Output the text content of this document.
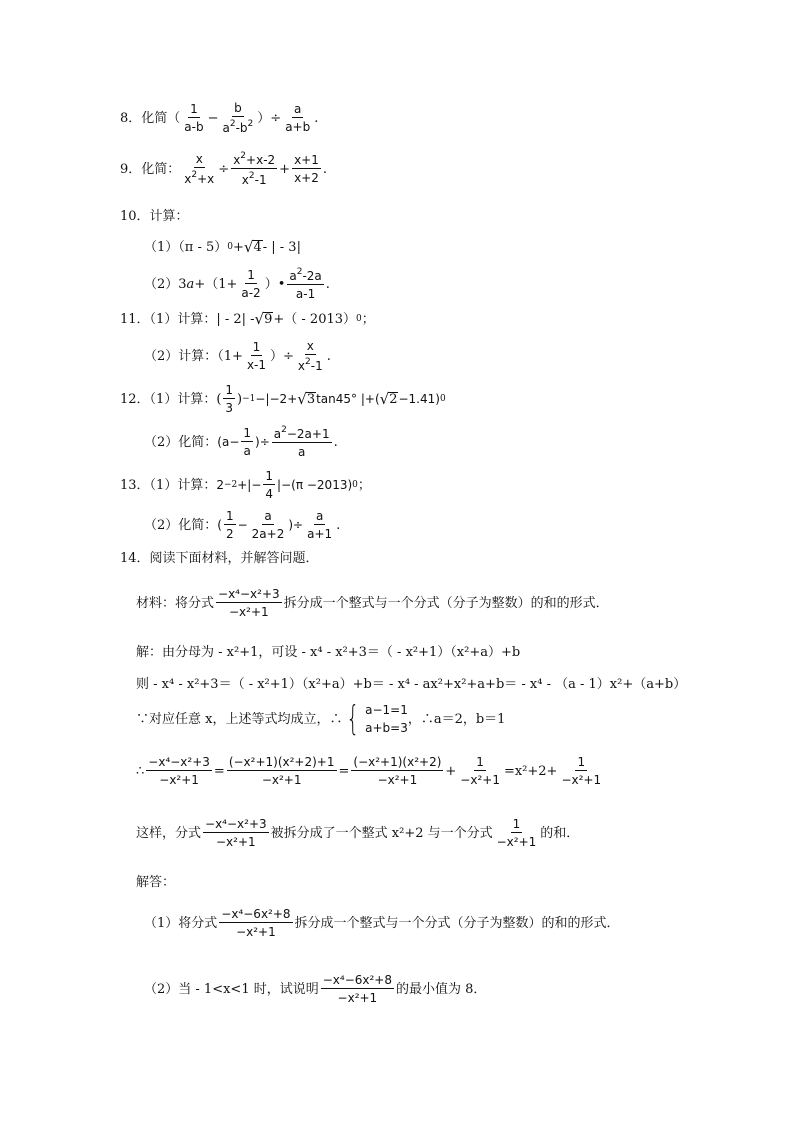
8．化简（
1
a-b
− $\frac{b}{a^2-b^2}$ ）÷ $\frac{a}{a+b}$ .
9．化简： $\frac{x}{x^2+x} \div \frac{x^2+x-2}{x^2-1} + \frac{x+1}{x+2}$ .
10．计算：
（1）（π - 5） 0 + √ 4 - | - 3|
（2）3 $a +(1+ \frac{1}{a-2}$ ）•
$a^2-2a$
a-1
.
11．（1）计算：| - 2| - √ 9 +（ - 2013） 0 ；
（2）计算：（$1+ \frac{1}{x-1}$ ）÷ $\frac{x}{x^2-1}$ .
12．（1）计算： (
1
3
) −1 −|−2+ √ 3 tan45° |+( √ 2 −1.41) 0
（2）化简： ($a- \frac{1}{a}$ )÷ $\frac{a^2-2a+1}{a}$ .
13．（1）计算： 2 −2 +|− $\frac{1}{4} |-(\pi -2013)$ 0 ；
（2）化简： (
1
2
− $\frac{a}{2a+2}$ )÷ $\frac{a}{a+1}$ .
14．阅读下面材料，并解答问题．
材料：将分式
−x⁴−x²+3
−x²+1
拆分成一个整式与一个分式（分子为整数）的和的形式．
解：由分母为 - x²+1，可设 - x⁴ - x²+3＝（ - x²+1）（x²+a）+b
则 - x⁴ - x²+3＝（ - x²+1）（x²+a）+b＝ - x⁴ - ax²+x²+a+b＝ - x⁴ - （a - 1）x²+（a+b）
∵对应任意 x，上述等式均成立，∴ { a−1=1
a+b=3
，∴a＝2，b＝1
∴ $\frac{\text{−x⁴−x²+3}}{\text{−x²+1}} = \frac{\text{(−x²+1)(x²+2)+1}}{\text{−x²+1}} = \frac{\text{(−x²+1)(x²+2)}}{\text{−x²+1}} + \frac{1}{\text{−x²+1}} =x^2+2+ \frac{1}{\text{−x²+1}}$
这样，分式
−x⁴−x²+3
−x²+1
被拆分成了一个整式 x²+2 与一个分式
1
−x²+1
的和．
解答：
（1）将分式
−x⁴−6x²+8
−x²+1
拆分成一个整式与一个分式（分子为整数）的和的形式．
（2）当 - 1<x<1 时，试说明
−x⁴−6x²+8
−x²+1
的最小值为 8．
